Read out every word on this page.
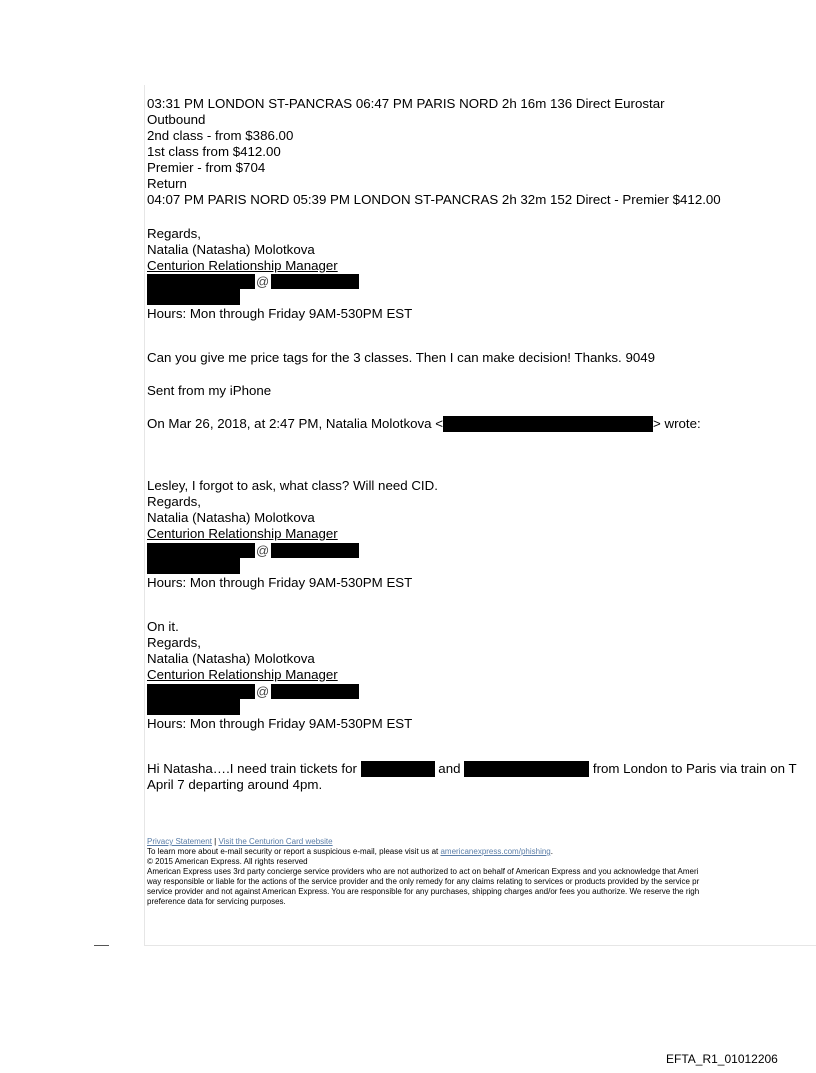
03:31 PM LONDON ST-PANCRAS 06:47 PM PARIS NORD 2h 16m 136 Direct Eurostar
Outbound
2nd class - from $386.00
1st class from $412.00
Premier - from $704
Return
04:07 PM PARIS NORD 05:39 PM LONDON ST-PANCRAS 2h 32m 152 Direct - Premier $412.00
Regards,
Natalia (Natasha) Molotkova
Centurion Relationship Manager
@
Hours: Mon through Friday 9AM-530PM EST
Can you give me price tags for the 3 classes. Then I can make decision! Thanks. 9049
Sent from my iPhone
On Mar 26, 2018, at 2:47 PM, Natalia Molotkova <	> wrote:
Lesley, I forgot to ask, what class? Will need CID.
Regards,
Natalia (Natasha) Molotkova
Centurion Relationship Manager
@
Hours: Mon through Friday 9AM-530PM EST
On it.
Regards,
Natalia (Natasha) Molotkova
Centurion Relationship Manager
@
Hours: Mon through Friday 9AM-530PM EST
Hi Natasha….I need train tickets for	and	from London to Paris via train on T
April 7 departing around 4pm.
Privacy Statement | Visit the Centurion Card website
To learn more about e-mail security or report a suspicious e-mail, please visit us at americanexpress.com/phishing.
© 2015 American Express. All rights reserved
American Express uses 3rd party concierge service providers who are not authorized to act on behalf of American Express and you acknowledge that Ameri
way responsible or liable for the actions of the service provider and the only remedy for any claims relating to services or products provided by the service pr
service provider and not against American Express. You are responsible for any purchases, shipping charges and/or fees you authorize. We reserve the righ
preference data for servicing purposes.
EFTA_R1_01012206
